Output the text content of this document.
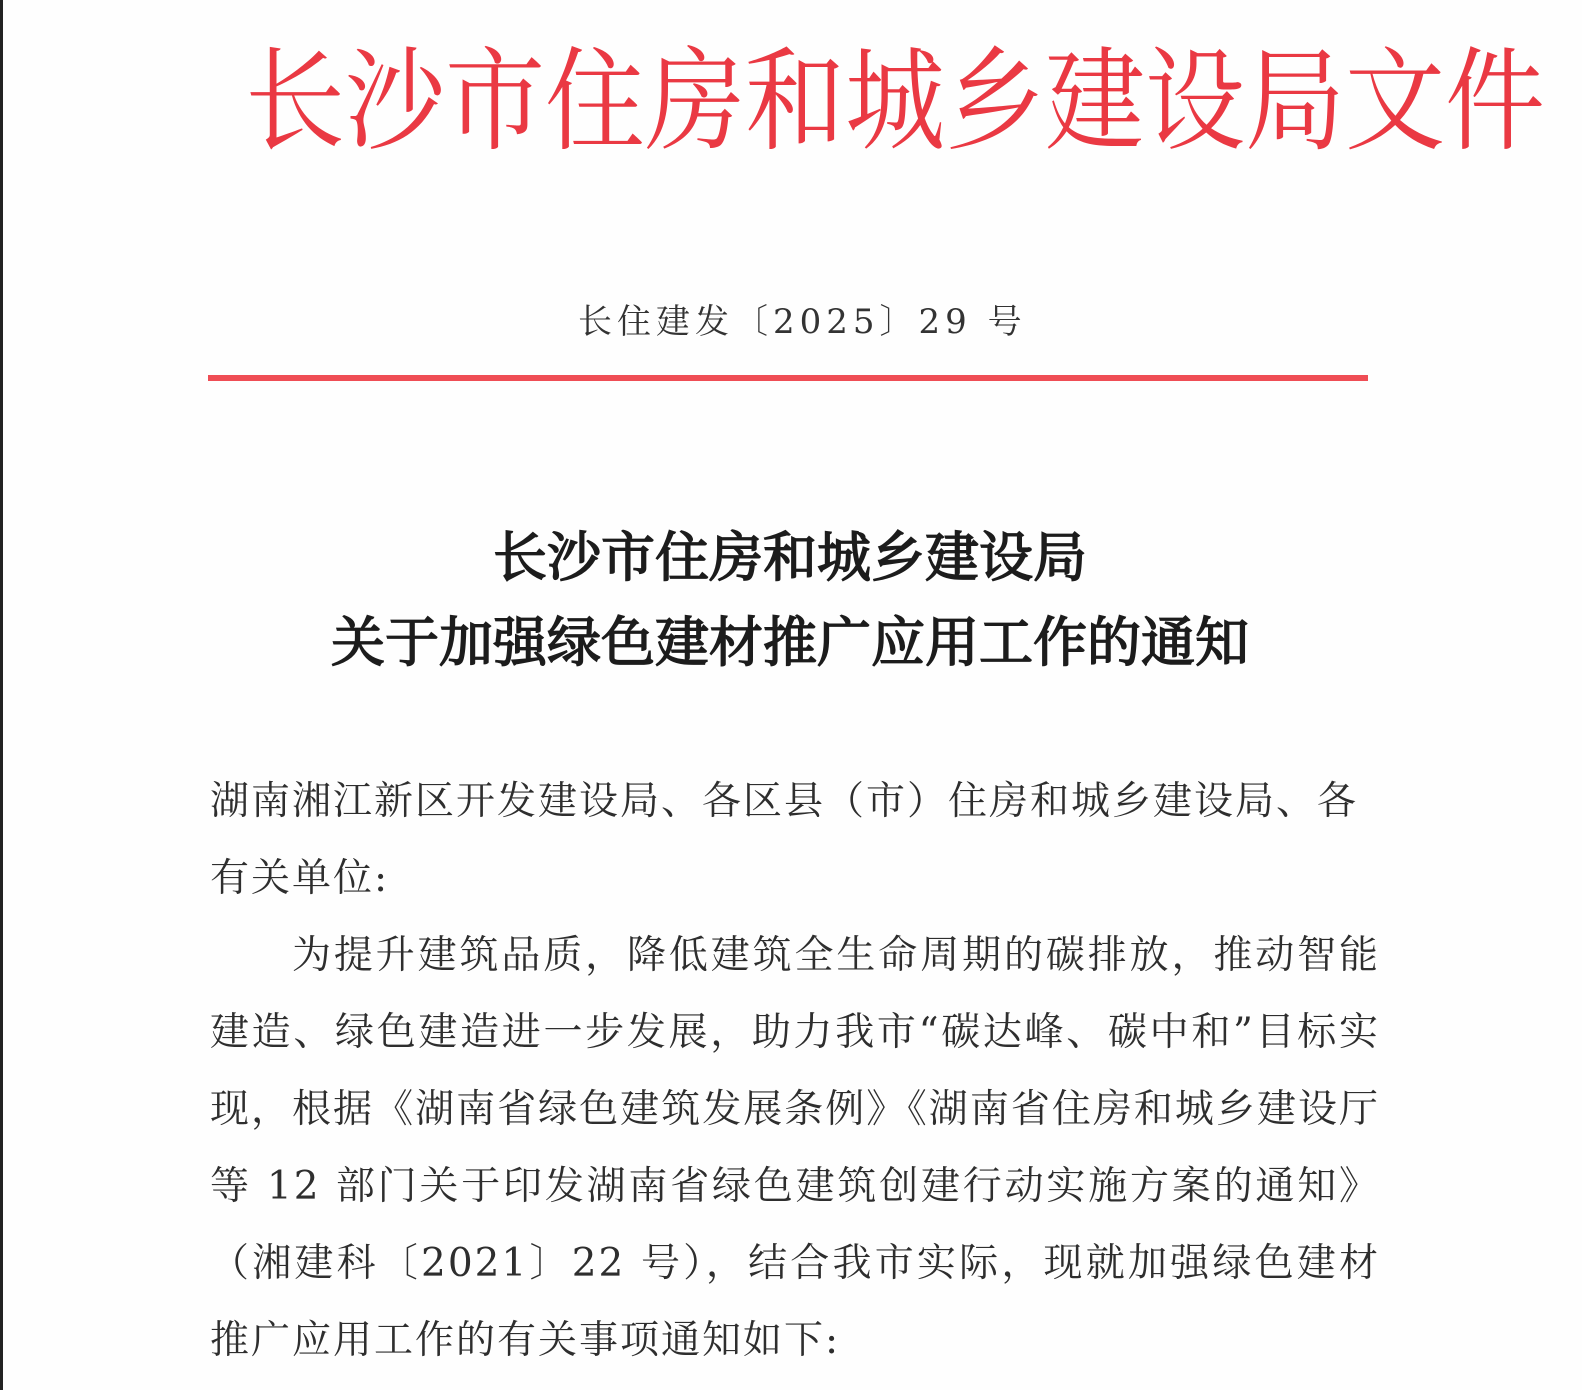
长沙市住房和城乡建设局文件
长住建发〔2025〕29 号
长沙市住房和城乡建设局
关于加强绿色建材推广应用工作的通知

湖南湘江新区开发建设局、各区县（市）住房和城乡建设局、各有关单位:

为提升建筑品质，降低建筑全生命周期的碳排放，推动智能建造、绿色建造进一步发展，助力我市“碳达峰、碳中和”目标实现，根据《湖南省绿色建筑发展条例》《湖南省住房和城乡建设厅等 12 部门关于印发湖南省绿色建筑创建行动实施方案的通知》（湘建科〔2021〕22 号），结合我市实际，现就加强绿色建材推广应用工作的有关事项通知如下:
